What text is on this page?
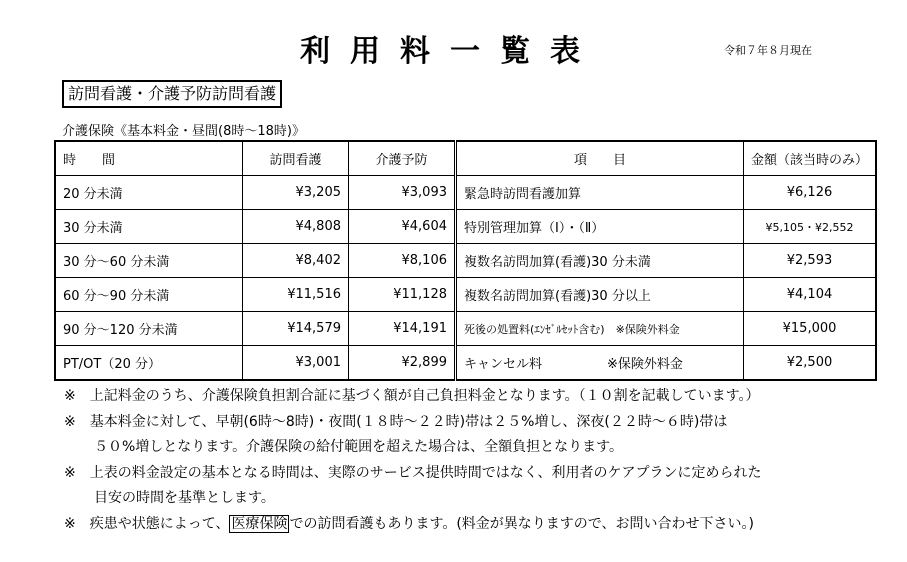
利用料一覧表	令和７年８月現在
訪問看護・介護予防訪問看護
介護保険《基本料金・昼間(8時～18時)》
時　　間	訪問看護	介護予防	項　　目	金額（該当時のみ）
20 分未満	¥3,205	¥3,093	緊急時訪問看護加算	¥6,126
30 分未満	¥4,808	¥4,604	特別管理加算（Ⅰ）・（Ⅱ）	¥5,105・¥2,552
30 分～60 分未満	¥8,402	¥8,106	複数名訪問加算(看護)30 分未満	¥2,593
60 分～90 分未満	¥11,516	¥11,128	複数名訪問加算(看護)30 分以上	¥4,104
90 分～120 分未満	¥14,579	¥14,191	死後の処置料(ｴﾝｾﾞﾙｾｯﾄ含む)　※保険外料金	¥15,000
PT/OT（20 分）	¥3,001	¥2,899	キャンセル料　　　　　※保険外料金	¥2,500
※　上記料金のうち、介護保険負担割合証に基づく額が自己負担料金となります。（１０割を記載しています。）
※　基本料金に対して、早朝(6時～8時)・夜間(１８時～２２時)帯は２５%増し、深夜(２２時～６時)帯は
５０%増しとなります。介護保険の給付範囲を超えた場合は、全額負担となります。
※　上表の料金設定の基本となる時間は、実際のサービス提供時間ではなく、利用者のケアプランに定められた
目安の時間を基準とします。
※　疾患や状態によって、 医療保険 での訪問看護もあります。(料金が異なりますので、お問い合わせ下さい。)
